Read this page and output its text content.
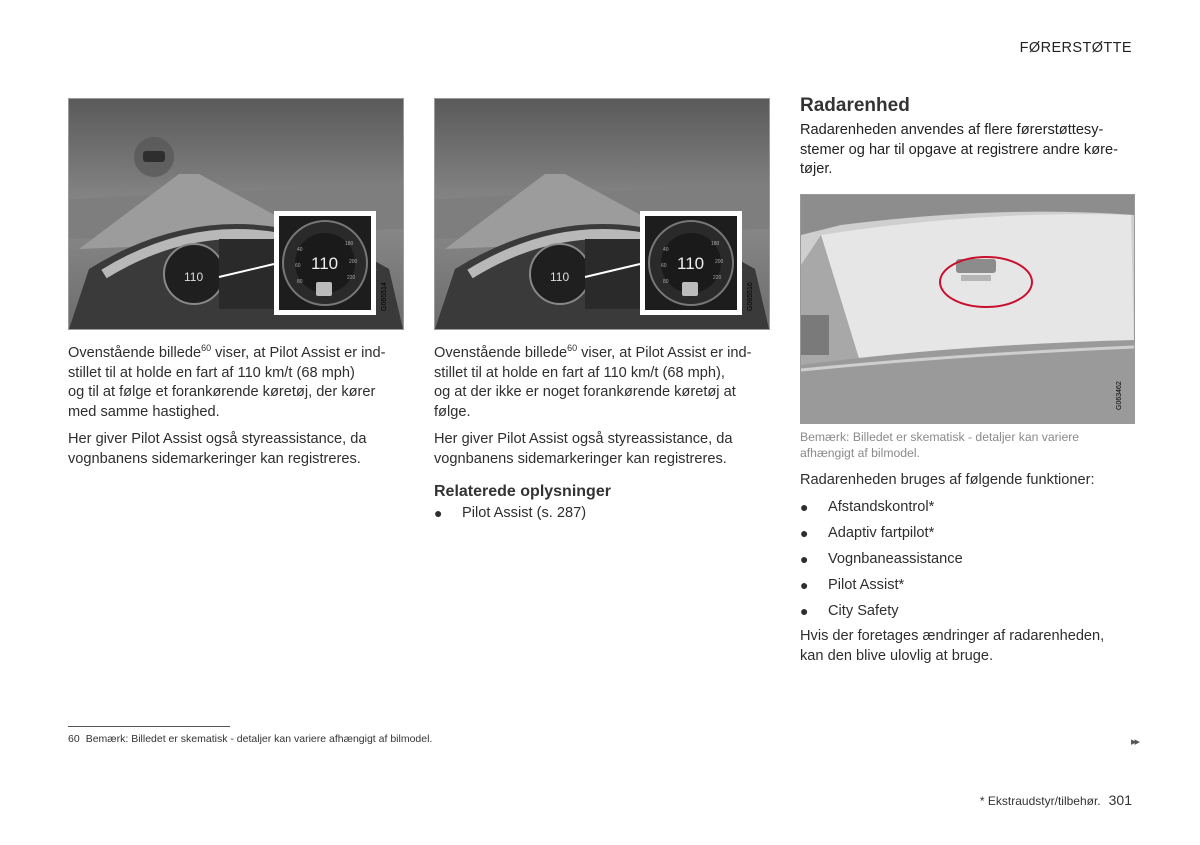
FØRERSTØTTE
110
110
40
60
80
180
200
220
G065514
110
110
40
60
80
180
200
220
G065516
G063462

Ovenstående billede$^{60}$ viser, at Pilot Assist er ind-
stillet til at holde en fart af 110 km/t (68 mph)
og til at følge et forankørende køretøj, der kører
med samme hastighed.

Her giver Pilot Assist også styreassistance, da
vognbanens sidemarkeringer kan registreres.

Ovenstående billede$^{60}$ viser, at Pilot Assist er ind-
stillet til at holde en fart af 110 km/t (68 mph),
og at der ikke er noget forankørende køretøj at
følge.

Her giver Pilot Assist også styreassistance, da
vognbanens sidemarkeringer kan registreres.

Relaterede oplysninger
● Pilot Assist (s. 287)
Radarenhed
Radarenheden anvendes af flere førerstøttesy-
stemer og har til opgave at registrere andre køre-
tøjer.
Bemærk: Billedet er skematisk - detaljer kan variere
afhængigt af bilmodel.
Radarenheden bruges af følgende funktioner:
● Afstandskontrol*
● Adaptiv fartpilot*
● Vognbaneassistance
● Pilot Assist*
● City Safety
Hvis der foretages ændringer af radarenheden,
kan den blive ulovlig at bruge.
60 Bemærk: Billedet er skematisk - detaljer kan variere afhængigt af bilmodel.	▸▸
* Ekstraudstyr/tilbehør. 301
